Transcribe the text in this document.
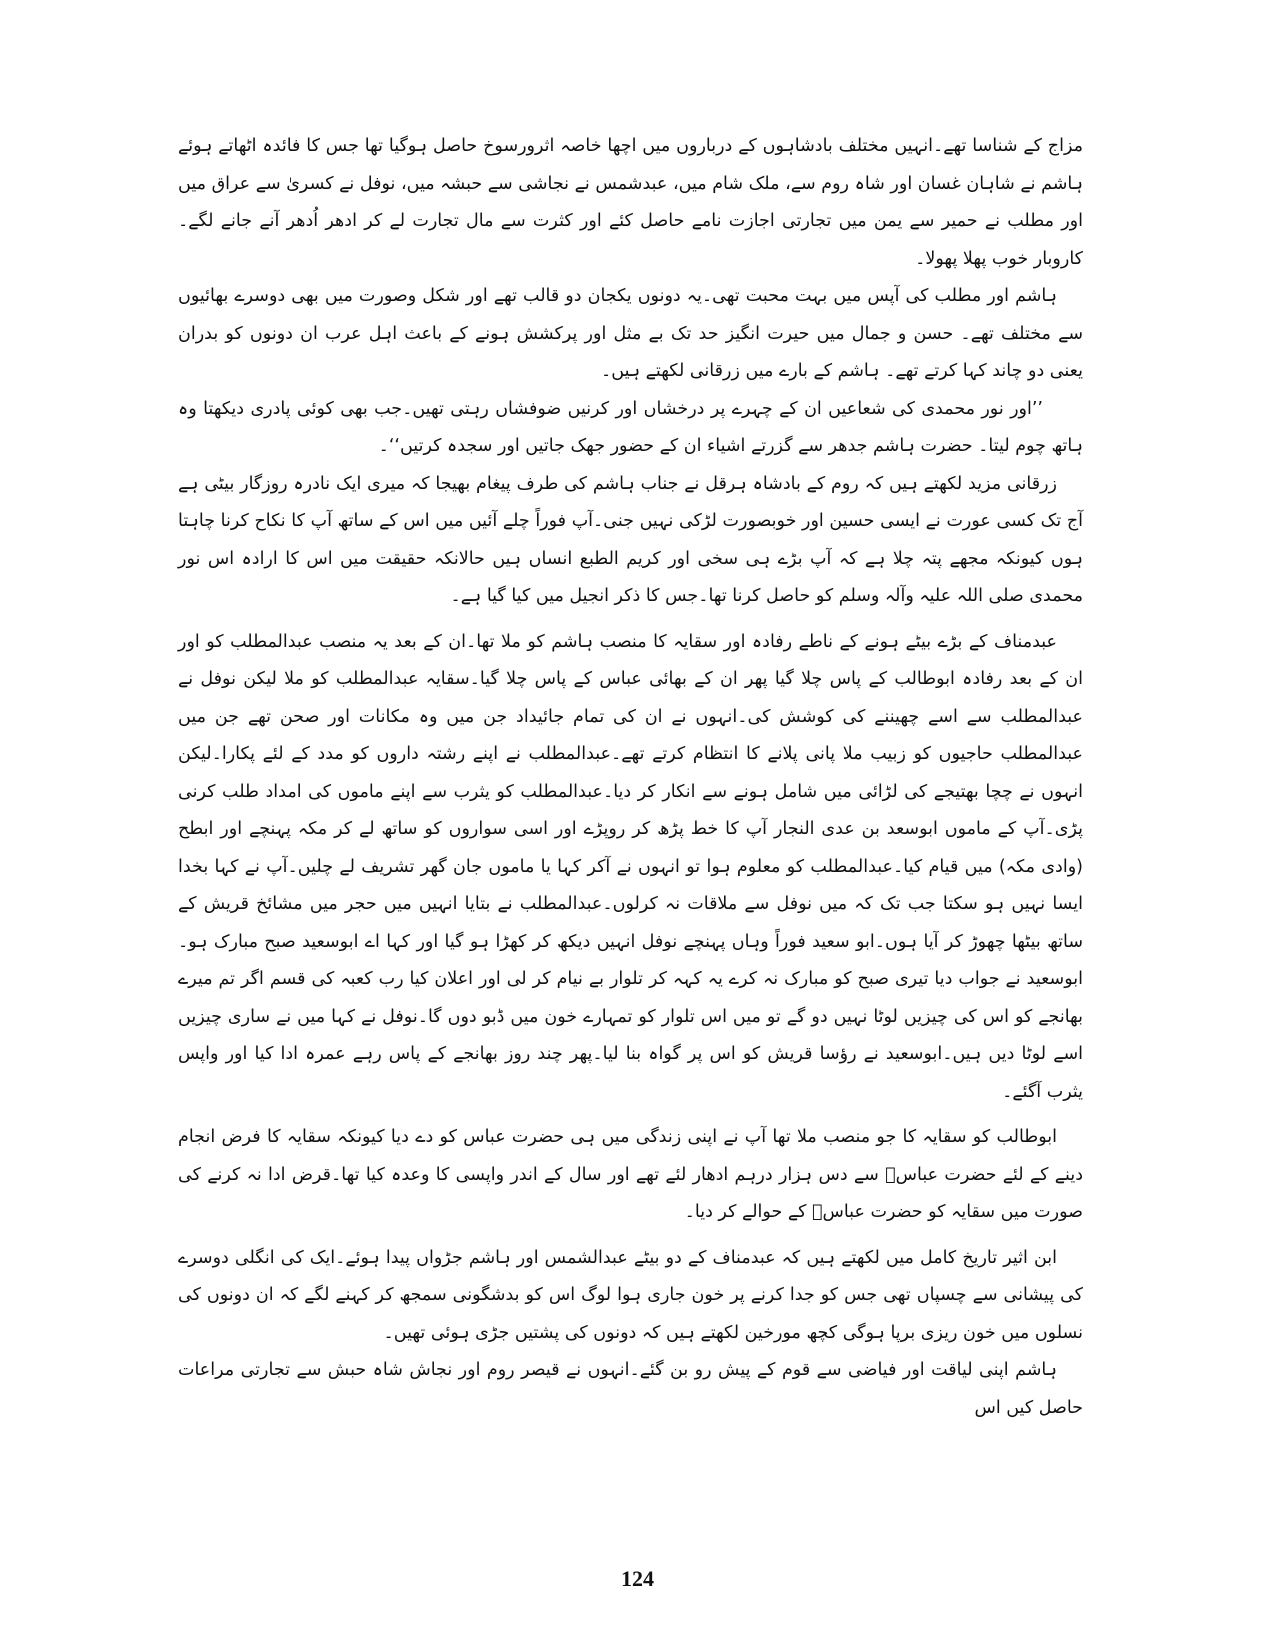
مزاج کے شناسا تھے۔انہیں مختلف بادشاہوں کے درباروں میں اچھا خاصہ اثرورسوخ حاصل ہوگیا تھا جس کا فائدہ اٹھاتے ہوئے ہاشم نے شاہان غسان اور شاہ روم سے، ملک شام میں، عبدشمس نے نجاشی سے حبشہ میں، نوفل نے کسریٰ سے عراق میں اور مطلب نے حمیر سے یمن میں تجارتی اجازت نامے حاصل کئے اور کثرت سے مال تجارت لے کر ادھر اُدھر آنے جانے لگے۔کاروبار خوب پھلا پھولا۔

ہاشم اور مطلب کی آپس میں بہت محبت تھی۔یہ دونوں یکجان دو قالب تھے اور شکل وصورت میں بھی دوسرے بھائیوں سے مختلف تھے۔ حسن و جمال میں حیرت انگیز حد تک بے مثل اور پرکشش ہونے کے باعث اہل عرب ان دونوں کو بدران یعنی دو چاند کہا کرتے تھے۔ ہاشم کے بارے میں زرقانی لکھتے ہیں۔

’’اور نور محمدی کی شعاعیں ان کے چہرے پر درخشاں اور کرنیں ضوفشاں رہتی تھیں۔جب بھی کوئی پادری دیکھتا وہ ہاتھ چوم لیتا۔ حضرت ہاشم جدھر سے گزرتے اشیاء ان کے حضور جھک جاتیں اور سجدہ کرتیں‘‘۔

زرقانی مزید لکھتے ہیں کہ روم کے بادشاہ ہرقل نے جناب ہاشم کی طرف پیغام بھیجا کہ میری ایک نادرہ روزگار بیٹی ہے آج تک کسی عورت نے ایسی حسین اور خوبصورت لڑکی نہیں جنی۔آپ فوراً چلے آئیں میں اس کے ساتھ آپ کا نکاح کرنا چاہتا ہوں کیونکہ مجھے پتہ چلا ہے کہ آپ بڑے ہی سخی اور کریم الطبع انساں ہیں حالانکہ حقیقت میں اس کا ارادہ اس نور محمدی صلی اللہ علیہ وآلہ وسلم کو حاصل کرنا تھا۔جس کا ذکر انجیل میں کیا گیا ہے۔

عبدمناف کے بڑے بیٹے ہونے کے ناطے رفادہ اور سقایہ کا منصب ہاشم کو ملا تھا۔ان کے بعد یہ منصب عبدالمطلب کو اور ان کے بعد رفادہ ابوطالب کے پاس چلا گیا پھر ان کے بھائی عباس کے پاس چلا گیا۔سقایہ عبدالمطلب کو ملا لیکن نوفل نے عبدالمطلب سے اسے چھیننے کی کوشش کی۔انہوں نے ان کی تمام جائیداد جن میں وہ مکانات اور صحن تھے جن میں عبدالمطلب حاجیوں کو زبیب ملا پانی پلانے کا انتظام کرتے تھے۔عبدالمطلب نے اپنے رشتہ داروں کو مدد کے لئے پکارا۔لیکن انہوں نے چچا بھتیجے کی لڑائی میں شامل ہونے سے انکار کر دیا۔عبدالمطلب کو یثرب سے اپنے ماموں کی امداد طلب کرنی پڑی۔آپ کے ماموں ابوسعد بن عدی النجار آپ کا خط پڑھ کر روپڑے اور اسی سواروں کو ساتھ لے کر مکہ پہنچے اور ابطح (وادی مکہ) میں قیام کیا۔عبدالمطلب کو معلوم ہوا تو انہوں نے آکر کہا یا ماموں جان گھر تشریف لے چلیں۔آپ نے کہا بخدا ایسا نہیں ہو سکتا جب تک کہ میں نوفل سے ملاقات نہ کرلوں۔عبدالمطلب نے بتایا انہیں میں حجر میں مشائخ قریش کے ساتھ بیٹھا چھوڑ کر آیا ہوں۔ابو سعید فوراً وہاں پہنچے نوفل انہیں دیکھ کر کھڑا ہو گیا اور کہا اے ابوسعید صبح مبارک ہو۔ابوسعید نے جواب دیا تیری صبح کو مبارک نہ کرے یہ کہہ کر تلوار بے نیام کر لی اور اعلان کیا رب کعبہ کی قسم اگر تم میرے بھانجے کو اس کی چیزیں لوٹا نہیں دو گے تو میں اس تلوار کو تمہارے خون میں ڈبو دوں گا۔نوفل نے کہا میں نے ساری چیزیں اسے لوٹا دیں ہیں۔ابوسعید نے رؤسا قریش کو اس پر گواہ بنا لیا۔پھر چند روز بھانجے کے پاس رہے عمرہ ادا کیا اور واپس یثرب آگئے۔

ابوطالب کو سقایہ کا جو منصب ملا تھا آپ نے اپنی زندگی میں ہی حضرت عباس کو دے دیا کیونکہ سقایہ کا فرض انجام دینے کے لئے حضرت عباسؓ سے دس ہزار درہم ادھار لئے تھے اور سال کے اندر واپسی کا وعدہ کیا تھا۔قرض ادا نہ کرنے کی صورت میں سقایہ کو حضرت عباسؓ کے حوالے کر دیا۔

ابن اثیر تاریخ کامل میں لکھتے ہیں کہ عبدمناف کے دو بیٹے عبدالشمس اور ہاشم جڑواں پیدا ہوئے۔ایک کی انگلی دوسرے کی پیشانی سے چسپاں تھی جس کو جدا کرنے پر خون جاری ہوا لوگ اس کو بدشگونی سمجھ کر کہنے لگے کہ ان دونوں کی نسلوں میں خون ریزی برپا ہوگی کچھ مورخین لکھتے ہیں کہ دونوں کی پشتیں جڑی ہوئی تھیں۔

ہاشم اپنی لیاقت اور فیاضی سے قوم کے پیش رو بن گئے۔انہوں نے قیصر روم اور نجاش شاہ حبش سے تجارتی مراعات حاصل کیں اس

124
